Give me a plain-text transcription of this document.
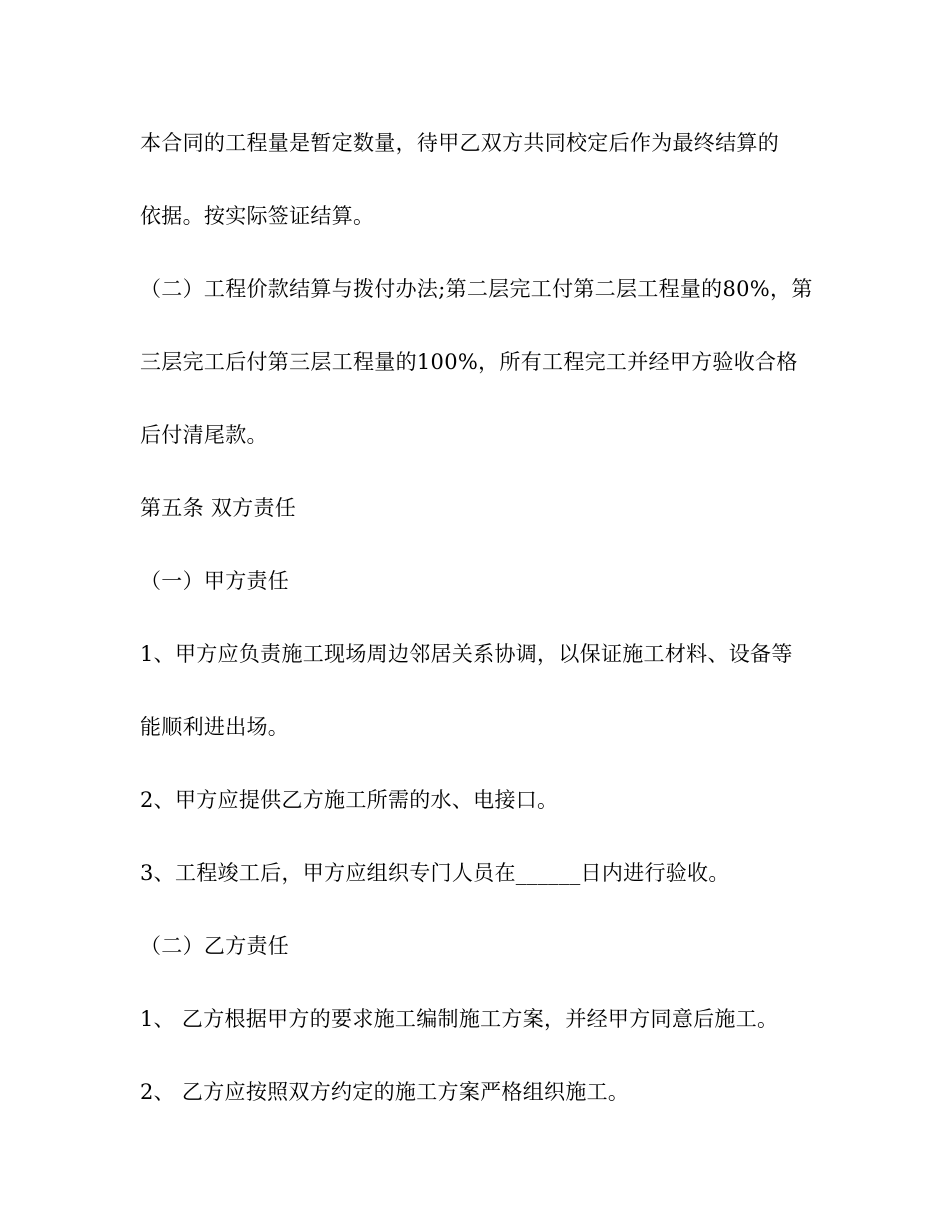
本合同的工程量是暂定数量，待甲乙双方共同校定后作为最终结算的
依据。按实际签证结算。
（二）工程价款结算与拨付办法;第二层完工付第二层工程量的80%，第
三层完工后付第三层工程量的100%，所有工程完工并经甲方验收合格
后付清尾款。
第五条 双方责任
（一）甲方责任
1、甲方应负责施工现场周边邻居关系协调，以保证施工材料、设备等
能顺利进出场。
2、甲方应提供乙方施工所需的水、电接口。
3、工程竣工后，甲方应组织专门人员在______日内进行验收。
（二）乙方责任
1、 乙方根据甲方的要求施工编制施工方案，并经甲方同意后施工。
2、 乙方应按照双方约定的施工方案严格组织施工。
